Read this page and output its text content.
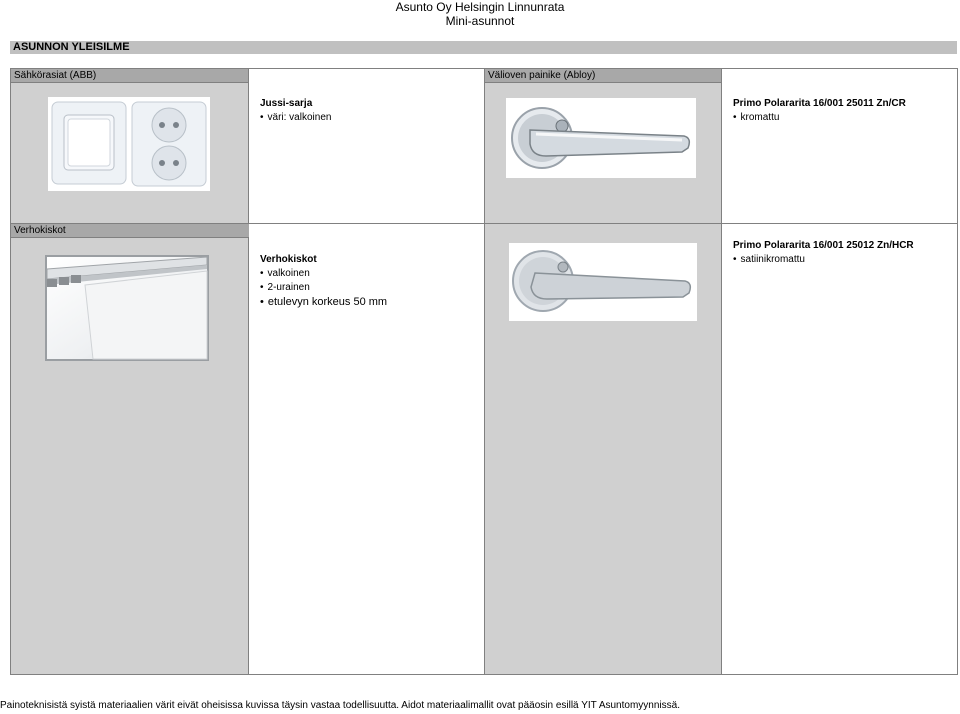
Asunto Oy Helsingin Linnunrata
Mini-asunnot
ASUNNON YLEISILME
Sähkörasiat (ABB)
Verhokiskot
Jussi-sarja
• väri: valkoinen
Verhokiskot
• valkoinen
• 2-urainen
• etulevyn korkeus 50 mm
Välioven painike (Abloy)
Primo Polararita 16/001 25011 Zn/CR
• kromattu
Primo Polararita 16/001 25012 Zn/HCR
• satiinikromattu
Painoteknisistä syistä materiaalien värit eivät oheisissa kuvissa täysin vastaa todellisuutta. Aidot materiaalimallit ovat pääosin esillä YIT Asuntomyynnissä.
